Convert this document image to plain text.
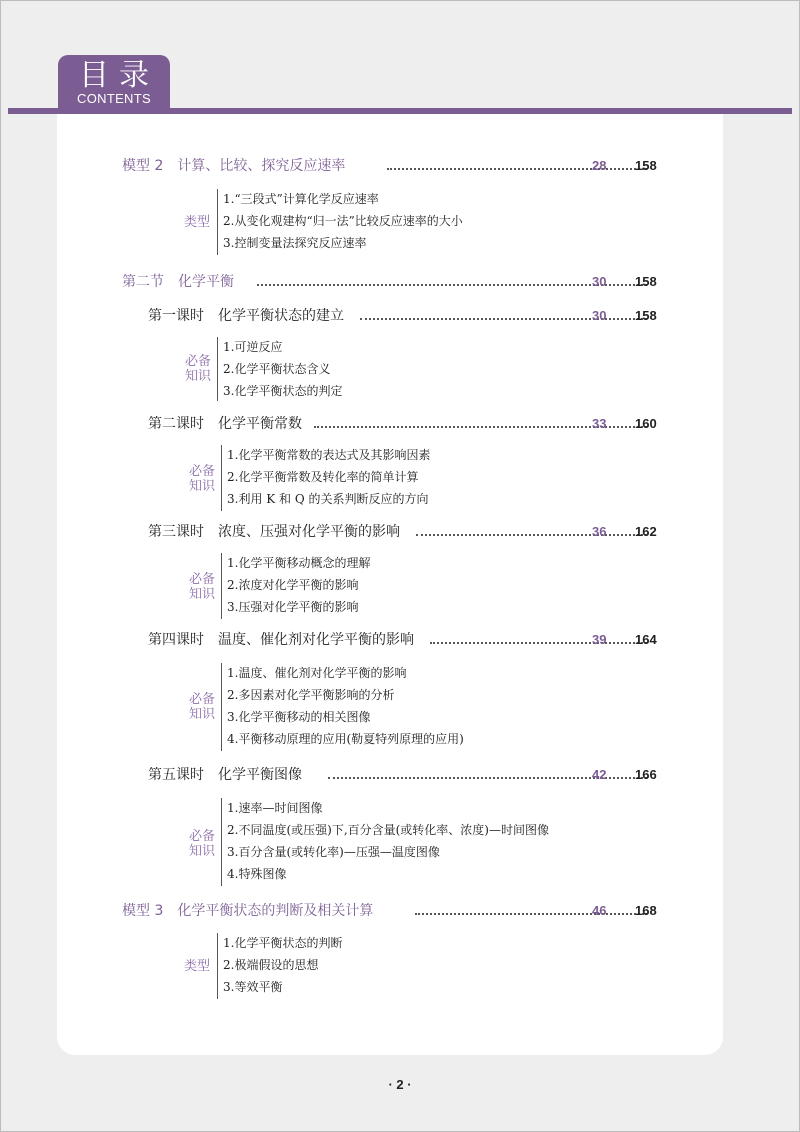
目录
CONTENTS
模型 2　计算、比较、探究反应速率	28 158
类型
1.“三段式”计算化学反应速率
2.从变化观建构“归一法”比较反应速率的大小
3.控制变量法探究反应速率
第二节　化学平衡	30 158
第一课时　化学平衡状态的建立	30 158
必备知识
1.可逆反应
2.化学平衡状态含义
3.化学平衡状态的判定
第二课时　化学平衡常数	33 160
必备知识
1.化学平衡常数的表达式及其影响因素
2.化学平衡常数及转化率的简单计算
3.利用 K 和 Q 的关系判断反应的方向
第三课时　浓度、压强对化学平衡的影响	36 162
必备知识
1.化学平衡移动概念的理解
2.浓度对化学平衡的影响
3.压强对化学平衡的影响
第四课时　温度、催化剂对化学平衡的影响	39 164
必备知识
1.温度、催化剂对化学平衡的影响
2.多因素对化学平衡影响的分析
3.化学平衡移动的相关图像
4.平衡移动原理的应用(勒夏特列原理的应用)
第五课时　化学平衡图像	42 166
必备知识
1.速率—时间图像
2.不同温度(或压强)下,百分含量(或转化率、浓度)—时间图像
3.百分含量(或转化率)—压强—温度图像
4.特殊图像
模型 3　化学平衡状态的判断及相关计算	46 168
类型
1.化学平衡状态的判断
2.极端假设的思想
3.等效平衡
· 2 ·
